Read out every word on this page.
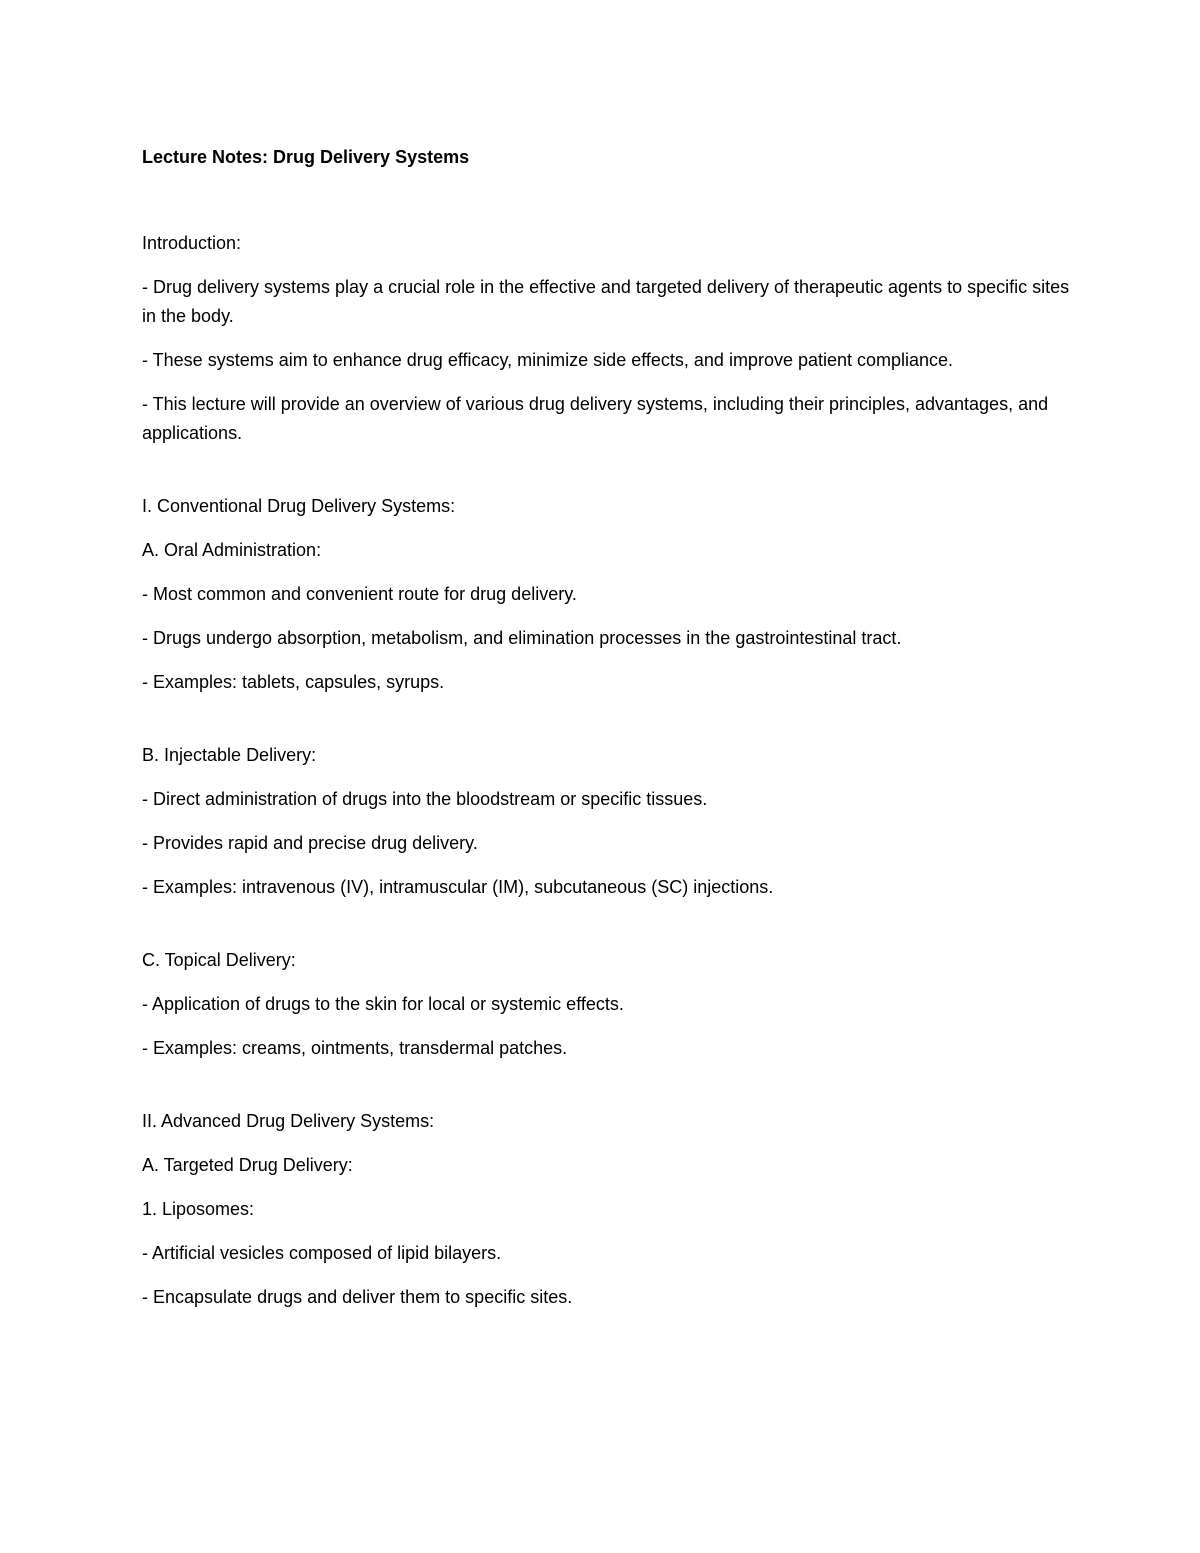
Lecture Notes: Drug Delivery Systems
Introduction:
- Drug delivery systems play a crucial role in the effective and targeted delivery of therapeutic agents to specific sites in the body.
- These systems aim to enhance drug efficacy, minimize side effects, and improve patient compliance.
- This lecture will provide an overview of various drug delivery systems, including their principles, advantages, and applications.
I. Conventional Drug Delivery Systems:
A. Oral Administration:
- Most common and convenient route for drug delivery.
- Drugs undergo absorption, metabolism, and elimination processes in the gastrointestinal tract.
- Examples: tablets, capsules, syrups.
B. Injectable Delivery:
- Direct administration of drugs into the bloodstream or specific tissues.
- Provides rapid and precise drug delivery.
- Examples: intravenous (IV), intramuscular (IM), subcutaneous (SC) injections.
C. Topical Delivery:
- Application of drugs to the skin for local or systemic effects.
- Examples: creams, ointments, transdermal patches.
II. Advanced Drug Delivery Systems:
A. Targeted Drug Delivery:
1. Liposomes:
- Artificial vesicles composed of lipid bilayers.
- Encapsulate drugs and deliver them to specific sites.
